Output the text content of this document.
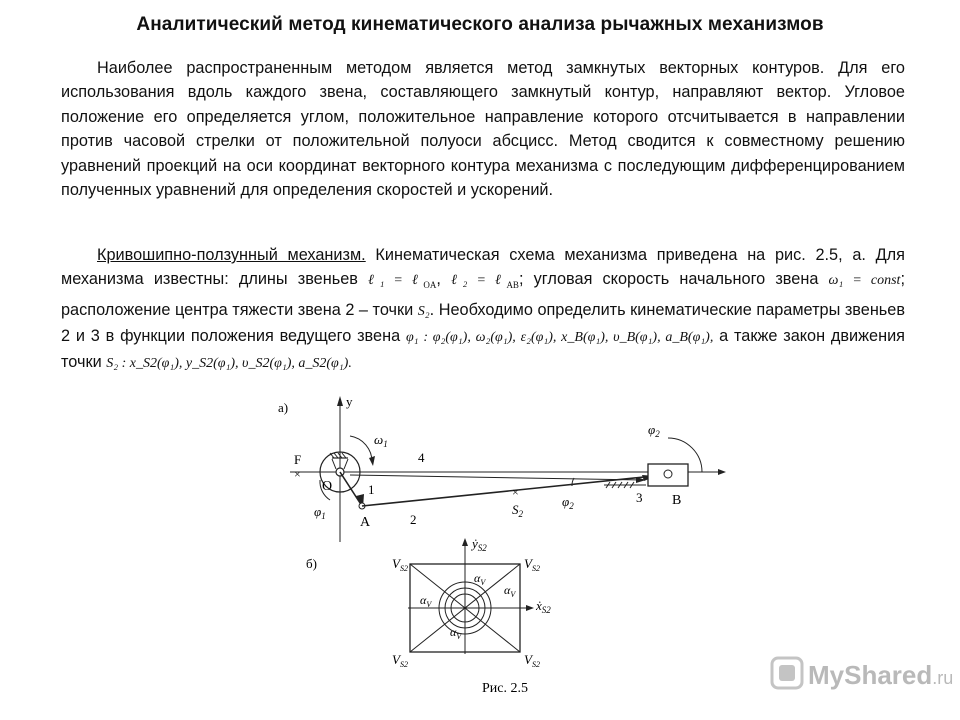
Аналитический метод кинематического анализа рычажных механизмов

Наиболее распространенным методом является метод замкнутых векторных контуров. Для его использования вдоль каждого звена, составляющего замкнутый контур, направляют вектор. Угловое положение его определяется углом, положительное направление которого отсчитывается в направлении против часовой стрелки от положительной полуоси абсцисс. Метод сводится к совместному решению уравнений проекций на оси координат векторного контура механизма с последующим дифференцированием полученных уравнений для определения скоростей и ускорений.

Кривошипно-ползунный механизм. Кинематическая схема механизма приведена на рис. 2.5, а. Для механизма известны: длины звеньев ℓ₁ = ℓ$_{OA}$, ℓ₂ = ℓ$_{AB}$; угловая скорость начального звена ω₁ = const; расположение центра тяжести звена 2 – точки S₂. Необходимо определить кинематические параметры звеньев 2 и 3 в функции положения ведущего звена φ₁ : φ₂(φ₁), ω₂(φ₁), ε₂(φ₁), x_B(φ₁), υ_B(φ₁), a_B(φ₁), а также закон движения точки S₂ : x_S2(φ₁), y_S2(φ₁), υ_S2(φ₁), a_S2(φ₁).

а)	y
F
×
$\omega_1$
O	1
A
$\varphi_1$
4
2
×
$S_2$
$\varphi_2$	B
3
$\varphi_2$
б)
ẏ$_{S2}$
ẋ$_{S2}$
$\alpha_V$
$\alpha_V$
$\alpha_V$
$\alpha_V$
$V_{S2}$	$V_{S2}$
$V_{S2}$	$V_{S2}$
Рис. 2.5	MyShared.ru
